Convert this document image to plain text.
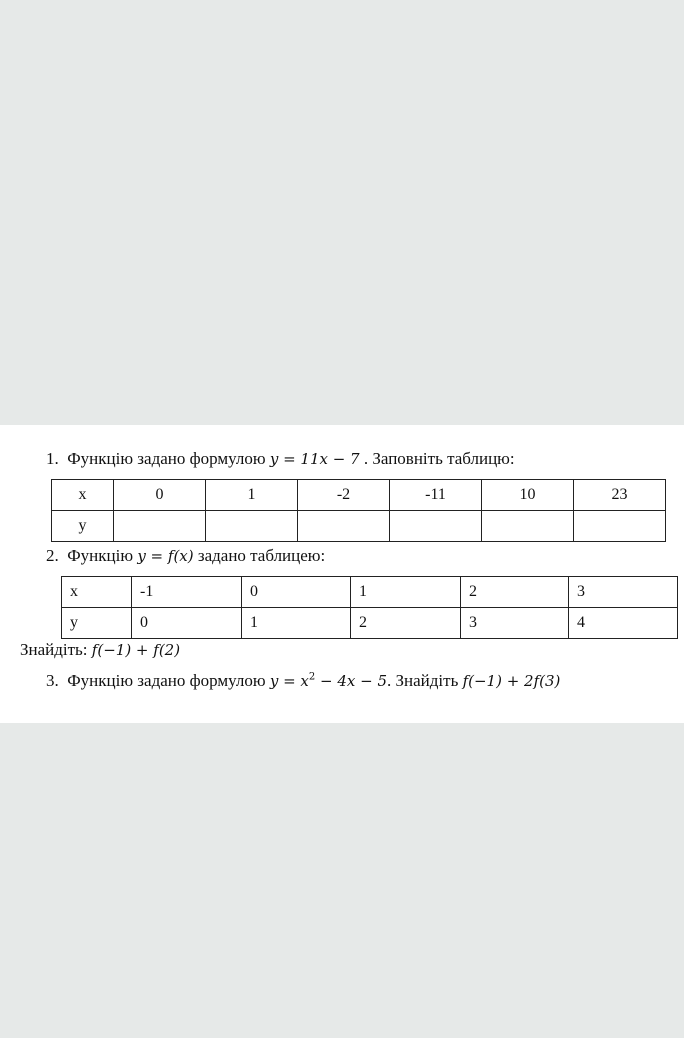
1. Функцію задано формулою y = 11x − 7 . Заповніть таблицю:
x	0	1	-2	-11	10	23
y						
2. Функцію y = f(x) задано таблицею:
x	-1	0	1	2	3
y	0	1	2	3	4
Знайдіть: f(−1) + f(2)
3. Функцію задано формулою $y = x^2 - 4x - 5$. Знайдіть f(−1) + 2f(3)
